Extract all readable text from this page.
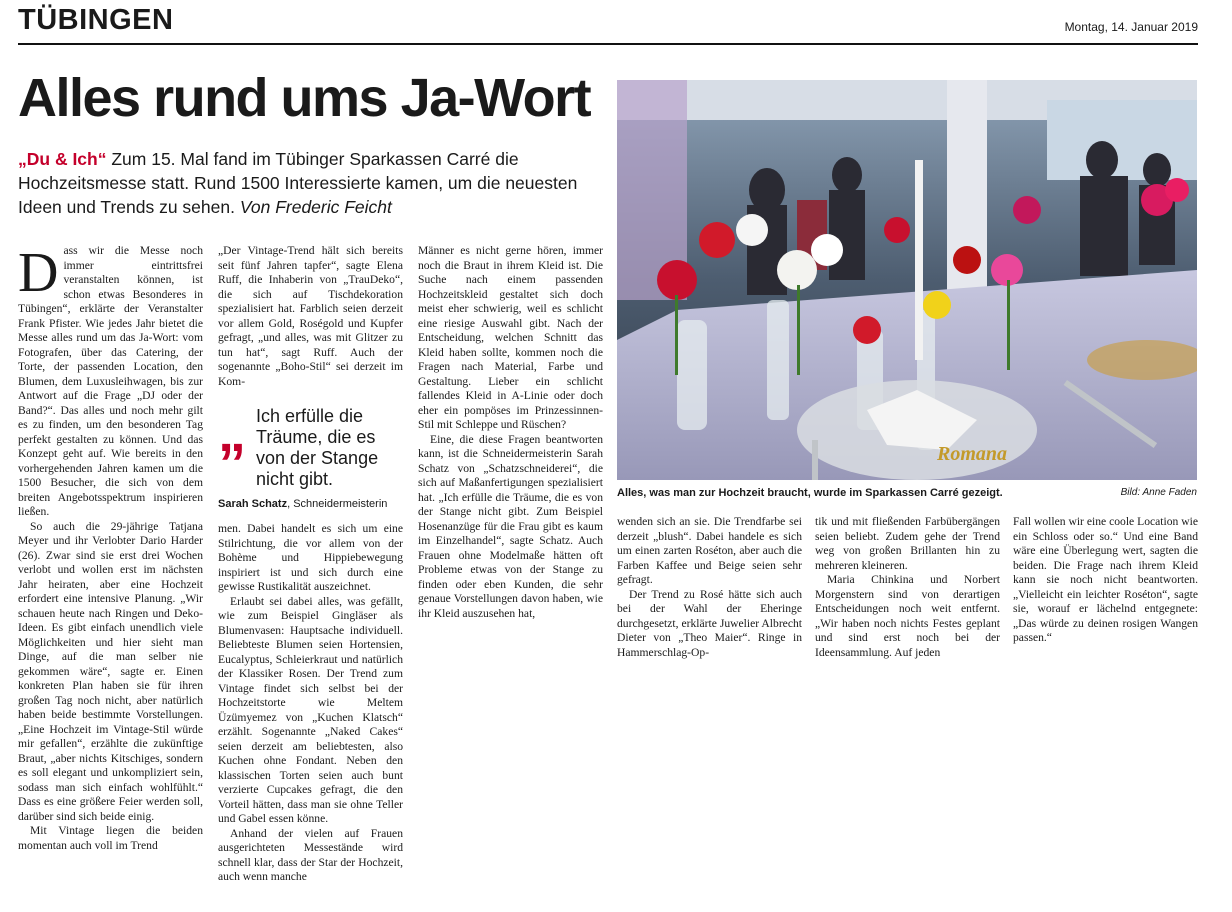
TÜBINGEN	Montag, 14. Januar 2019
Alles rund ums Ja-Wort
„Du & Ich“ Zum 15. Mal fand im Tübinger Sparkassen Carré die Hochzeitsmesse statt. Rund 1500 Interessierte kamen, um die neuesten Ideen und Trends zu sehen. Von Frederic Feicht

Dass wir die Messe noch immer eintrittsfrei veranstalten können, ist schon etwas Besonderes in Tübingen“, erklärte der Veranstalter Frank Pfister. Wie jedes Jahr bietet die Messe alles rund um das Ja-Wort: vom Fotografen, über das Catering, der Torte, der passenden Location, den Blumen, dem Luxusleihwagen, bis zur Antwort auf die Frage „DJ oder der Band?“. Das alles und noch mehr gilt es zu finden, um den besonderen Tag perfekt gestalten zu können. Und das Konzept geht auf. Wie bereits in den vorhergehenden Jahren kamen um die 1500 Besucher, die sich von dem breiten Angebotsspektrum inspirieren ließen.

So auch die 29-jährige Tatjana Meyer und ihr Verlobter Dario Harder (26). Zwar sind sie erst drei Wochen verlobt und wollen erst im nächsten Jahr heiraten, aber eine Hochzeit erfordert eine intensive Planung. „Wir schauen heute nach Ringen und Deko-Ideen. Es gibt einfach unendlich viele Möglichkeiten und hier sieht man Dinge, auf die man selber nie gekommen wäre“, sagte er. Einen konkreten Plan haben sie für ihren großen Tag noch nicht, aber natürlich haben beide bestimmte Vorstellungen. „Eine Hochzeit im Vintage-Stil würde mir gefallen“, erzählte die zukünftige Braut, „aber nichts Kitschiges, sondern es soll elegant und unkompliziert sein, sodass man sich einfach wohlfühlt.“ Dass es eine größere Feier werden soll, darüber sind sich beide einig.

Mit Vintage liegen die beiden momentan auch voll im Trend

„Der Vintage-Trend hält sich bereits seit fünf Jahren tapfer“, sagte Elena Ruff, die Inhaberin von „TrauDeko“, die sich auf Tischdekoration spezialisiert hat. Farblich seien derzeit vor allem Gold, Roségold und Kupfer gefragt, „und alles, was mit Glitzer zu tun hat“, sagt Ruff. Auch der sogenannte „Boho-Stil“ sei derzeit im Kom-

„ Ich erfülle die Träume, die es von der Stange nicht gibt.
Sarah Schatz, Schneidermeisterin

men. Dabei handelt es sich um eine Stilrichtung, die vor allem von der Bohème und Hippiebewegung inspiriert ist und sich durch eine gewisse Rustikalität auszeichnet.

Erlaubt sei dabei alles, was gefällt, wie zum Beispiel Gingläser als Blumenvasen: Hauptsache individuell. Beliebteste Blumen seien Hortensien, Eucalyptus, Schleierkraut und natürlich der Klassiker Rosen. Der Trend zum Vintage findet sich selbst bei der Hochzeitstorte wie Meltem Üzümyemez von „Kuchen Klatsch“ erzählt. Sogenannte „Naked Cakes“ seien derzeit am beliebtesten, also Kuchen ohne Fondant. Neben den klassischen Torten seien auch bunt verzierte Cupcakes gefragt, die den Vorteil hätten, dass man sie ohne Teller und Gabel essen könne.

Anhand der vielen auf Frauen ausgerichteten Messestände wird schnell klar, dass der Star der Hochzeit, auch wenn manche

Männer es nicht gerne hören, immer noch die Braut in ihrem Kleid ist. Die Suche nach einem passenden Hochzeitskleid gestaltet sich doch meist eher schwierig, weil es schlicht eine riesige Auswahl gibt. Nach der Entscheidung, welchen Schnitt das Kleid haben sollte, kommen noch die Fragen nach Material, Farbe und Gestaltung. Lieber ein schlicht fallendes Kleid in A-Linie oder doch eher ein pompöses im Prinzessinnen-Stil mit Schleppe und Rüschen?

Eine, die diese Fragen beantworten kann, ist die Schneidermeisterin Sarah Schatz von „Schatzschneiderei“, die sich auf Maßanfertigungen spezialisiert hat. „Ich erfülle die Träume, die es von der Stange nicht gibt. Zum Beispiel Hosenanzüge für die Frau gibt es kaum im Einzelhandel“, sagte Schatz. Auch Frauen ohne Modelmaße hätten oft Probleme etwas von der Stange zu finden oder eben Kunden, die sehr genaue Vorstellungen davon haben, wie ihr Kleid auszusehen hat,

Romana
Alles, was man zur Hochzeit braucht, wurde im Sparkassen Carré gezeigt.	Bild: Anne Faden

wenden sich an sie. Die Trendfarbe sei derzeit „blush“. Dabei handele es sich um einen zarten Roséton, aber auch die Farben Kaffee und Beige seien sehr gefragt.

Der Trend zu Rosé hätte sich auch bei der Wahl der Eheringe durchgesetzt, erklärte Juwelier Albrecht Dieter von „Theo Maier“. Ringe in Hammerschlag-Op-

tik und mit fließenden Farbübergängen seien beliebt. Zudem gehe der Trend weg von großen Brillanten hin zu mehreren kleineren.

Maria Chinkina und Norbert Morgenstern sind von derartigen Entscheidungen noch weit entfernt. „Wir haben noch nichts Festes geplant und sind erst noch bei der Ideensammlung. Auf jeden

Fall wollen wir eine coole Location wie ein Schloss oder so.“ Und eine Band wäre eine Überlegung wert, sagten die beiden. Die Frage nach ihrem Kleid kann sie noch nicht beantworten. „Vielleicht ein leichter Roséton“, sagte sie, worauf er lächelnd entgegnete: „Das würde zu deinen rosigen Wangen passen.“
